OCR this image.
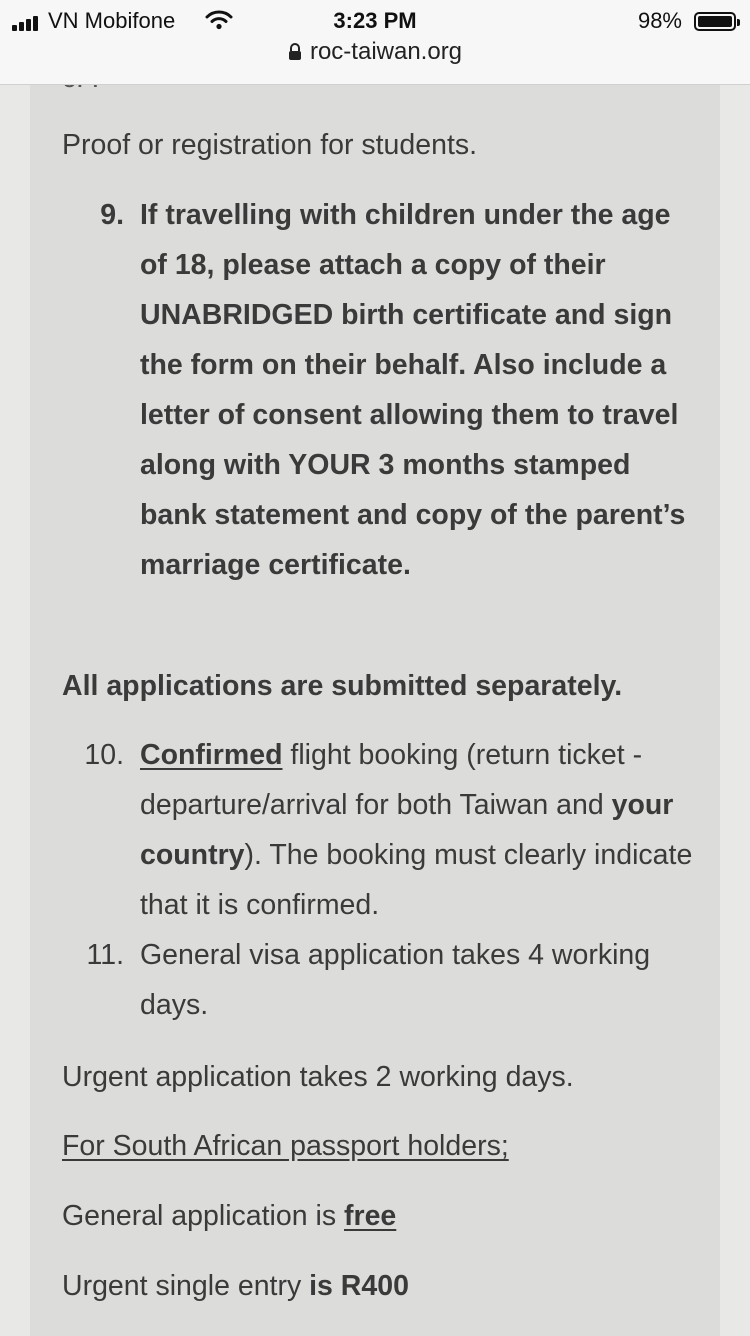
Proof or registration for students.

9. If travelling with children under the age of 18, please attach a copy of their UNABRIDGED birth certificate and sign the form on their behalf. Also include a letter of consent allowing them to travel along with YOUR 3 months stamped bank statement and copy of the parent’s marriage certificate.

All applications are submitted separately.

10. Confirmed flight booking (return ticket - departure/arrival for both Taiwan and your country). The booking must clearly indicate that it is confirmed.
11. General visa application takes 4 working days.

Urgent application takes 2 working days.

For South African passport holders;

General application is free

Urgent single entry is R400

VN Mobifone	3:23 PM	98%
roc-taiwan.org
